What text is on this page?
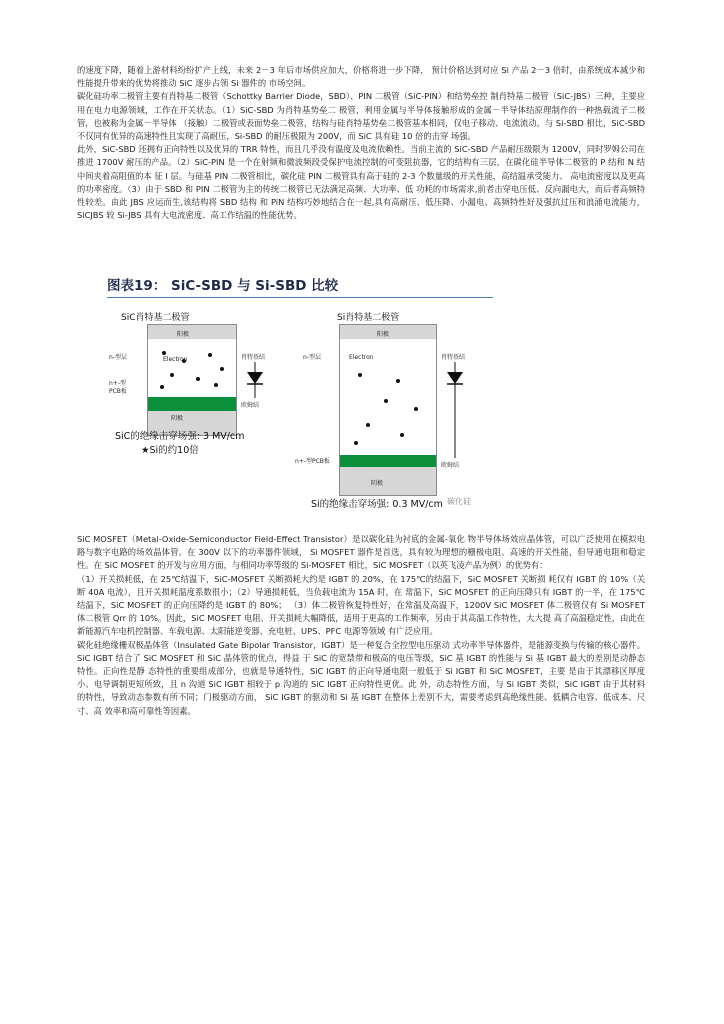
的速度下降，随着上游材料纷纷扩产上线，未来 2－3 年后市场供应加大，价格将进一步下降， 预计价格达到对应 Si 产品 2－3 倍时，由系统成本减少和性能提升带来的优势将推动 SiC 逐步占领 Si 器件的 市场空间。

碳化硅功率二极管主要有肖特基二极管（Schottky Barrier Diode，SBD）、PIN 二极管（SiC-PIN）和结势垒控 制肖特基二极管（SiC-JBS）三种，主要应用在电力电源领域，工作在开关状态。（1）SiC-SBD 为肖特基势垒二 极管，利用金属与半导体接触形成的金属－半导体结原理制作的一种热载流子二极管，也被称为金属－半导体 （接触）二极管或表面势垒二极管，结构与硅肖特基势垒二极管基本相同，仅电子移动、电流流动。与 Si-SBD 相比，SiC-SBD 不仅同有优异的高速特性且实现了高耐压，Si-SBD 的耐压极限为 200V，而 SiC 具有硅 10 倍的击穿 场强。

此外，SiC-SBD 还拥有正向特性以及优异的 TRR 特性，而且几乎没有温度及电流依赖性。当前主流的 SiC-SBD 产品耐压级限为 1200V，同时罗姆公司在推进 1700V 耐压的产品。（2）SiC-PIN 是一个在射频和微波频段受保护电流控制的可变阻抗器，它的结构有三层，在碳化硅半导体二极管的 P 结和 N 结中间夹着高阻值的本 征 I 层。与硅基 PIN 二极管相比，碳化硅 PIN 二极管具有高于硅的 2-3 个数量级的开关性能，高结温承受能力、 高电流密度以及更高的功率密度。（3）由于 SBD 和 PIN 二极管为主的传统二极管已无法满足高频、大功率、低 功耗的市场需求,前者击穿电压低、反向漏电大，而后者高频特性较差。由此 JBS 应运而生,该结构将 SBD 结构 和 PiN 结构巧妙地结合在一起,具有高耐压、低压降、小漏电、高频特性好及强抗过压和浪涌电流能力，SiCJBS 较 Si-JBS 具有大电流密度、高工作结温的性能优势。

图表19： SiC-SBD 与 Si-SBD 比较
SiC肖特基二极管
阳极
阴极
n-型层
n+-型
PCB板
Electron	肖特基结
欧姆结
SiC的绝缘击穿场强: 3 MV/cm
★Si的约10倍
Si肖特基二极管
阳极
阴极
n-型层
n+-型PCB板
Electron	肖特基结
欧姆结
Si的绝缘击穿场强: 0.3 MV/cm 碳化硅

SiC MOSFET（Metal-Oxide-Semiconductor Field-Effect Transistor）是以碳化硅为衬底的金属-氧化 物半导体场效应晶体管，可以广泛使用在模拟电路与数字电路的场效晶体管。在 300V 以下的功率器件领域， Si MOSFET 器件是首选，具有较为理想的栅极电阻、高速的开关性能，但导通电阻和稳定性。在 SiC MOSFET 的开发与应用方面，与相同功率等级的 Si-MOSFET 相比，SiC MOSFET（以英飞凌产品为例）的优势有：

（1）开关损耗低，在 25℃结温下，SiC-MOSFET 关断损耗大约是 IGBT 的 20%，在 175℃的结温下，SiC MOSFET 关断损 耗仅有 IGBT 的 10%（关断 40A 电流），且开关损耗温度系数很小；（2）导通损耗低，当负载电流为 15A 时，在 常温下，SiC MOSFET 的正向压降只有 IGBT 的一半，在 175℃结温下，SiC MOSFET 的正向压降约是 IGBT 的 80%； （3）体二极管恢复特性好，在常温及高温下，1200V SiC MOSFET 体二极管仅有 Si MOSFET 体二极管 Qrr 的 10%。因此，SiC MOSFET 电阻、开关损耗大幅降低，适用于更高的工作频率，另由于其高温工作特性，大大提 高了高温稳定性，由此在新能源汽车电机控制器、车载电源、太阳能逆变器、充电桩、UPS、PFC 电源等领域 有广泛应用。

碳化硅绝缘栅双极晶体管（Insulated Gate Bipolar Transistor，IGBT）是一种复合全控型电压驱动 式功率半导体器件，是能源变换与传输的核心器件。SiC IGBT 结合了 SiC MOSFET 和 SiC 晶体管的优点，得益 于 SiC 的宽禁带和极高的电压等级，SiC 基 IGBT 的性能与 Si 基 IGBT 最大的差别是动静态特性。正向性是静 态特性的重要组成部分，也就是导通特性，SiC IGBT 的正向导通电阻一般低于 Si IGBT 和 SiC MOSFET，主要 是由于其漂移区厚度小、电导调制更短所致，且 n 沟道 SiC IGBT 相较于 p 沟道的 SiC IGBT 正向特性更优。此 外，动态特性方面，与 Si IGBT 类似，SiC IGBT 由于其材料的特性，导致动态参数有所不同；门极驱动方面， SiC IGBT 的驱动和 Si 基 IGBT 在整体上差别不大，需要考虑到高绝缘性能、低耦合电容、低成本、尺寸、高 效率和高可靠性等因素。
